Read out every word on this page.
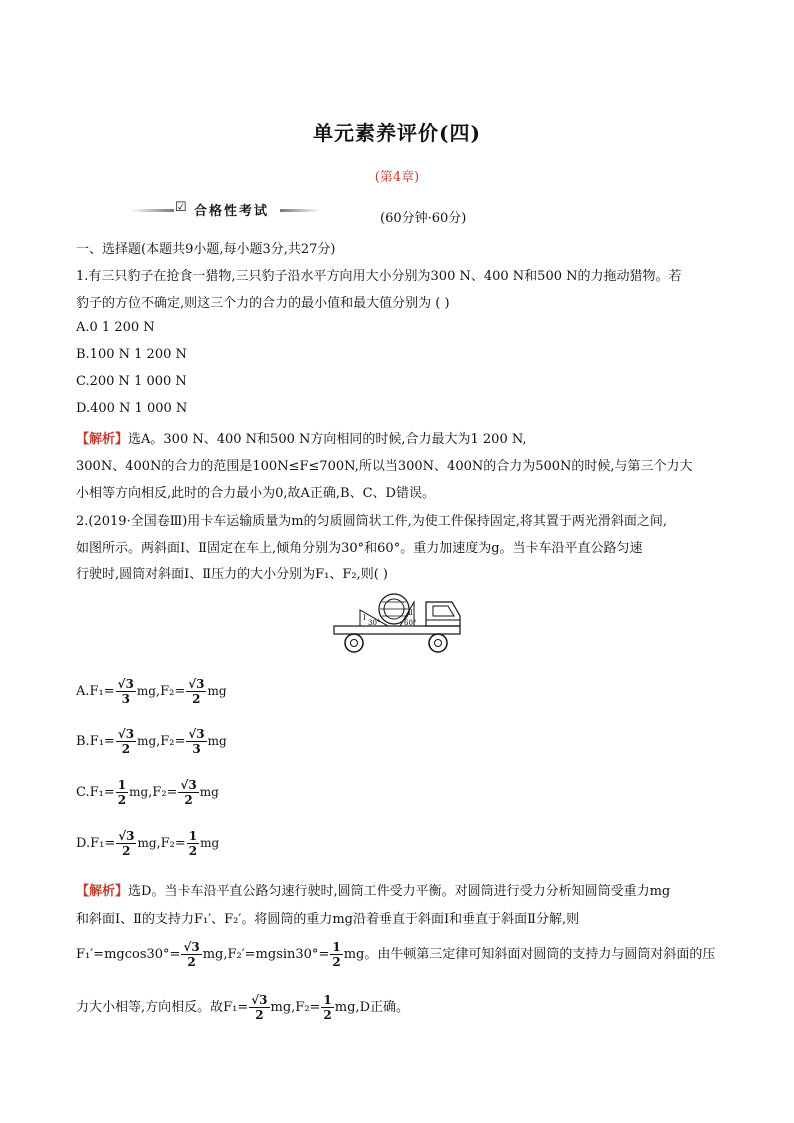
单元素养评价(四)
(第4章)
☑ 合格性考试	(60分钟·60分)
一、选择题(本题共9小题,每小题3分,共27分)
1.有三只豹子在抢食一猎物,三只豹子沿水平方向用大小分别为300 N、400 N和500 N的力拖动猎物。若
豹子的方位不确定,则这三个力的合力的最小值和最大值分别为 ( )
A.0 1 200 N
B.100 N 1 200 N
C.200 N 1 000 N
D.400 N 1 000 N
【解析】选A。300 N、400 N和500 N方向相同的时候,合力最大为1 200 N,
300N、400N的合力的范围是100N≤F≤700N,所以当300N、400N的合力为500N的时候,与第三个力大
小相等方向相反,此时的合力最小为0,故A正确,B、C、D错误。
2.(2019·全国卷Ⅲ)用卡车运输质量为m的匀质圆筒状工件,为使工件保持固定,将其置于两光滑斜面之间,
如图所示。两斜面Ⅰ、Ⅱ固定在车上,倾角分别为30°和60°。重力加速度为g。当卡车沿平直公路匀速
行驶时,圆筒对斜面Ⅰ、Ⅱ压力的大小分别为F₁、F₂,则( )
Ⅰ
30°
Ⅱ
60°
$A.F_1= \frac{√3}{3} mg,F_2= \frac{√3}{2}$ mg
$B.F_1= \frac{√3}{2} mg,F_2= \frac{√3}{3}$ mg
$C.F_1= \frac{1}{2} mg,F_2= \frac{√3}{2}$ mg
$D.F_1= \frac{√3}{2} mg,F_2= \frac{1}{2}$ mg
【解析】选D。当卡车沿平直公路匀速行驶时,圆筒工件受力平衡。对圆筒进行受力分析知圆筒受重力mg
和斜面Ⅰ、Ⅱ的支持力F₁′、F₂′。将圆筒的重力mg沿着垂直于斜面Ⅰ和垂直于斜面Ⅱ分解,则
$F_1'=mgcos30^\circ= \frac{√3}{2} mg,F_2'=mgsin30^\circ= \frac{1}{2}$ mg。由牛顿第三定律可知斜面对圆筒的支持力与圆筒对斜面的压
力大小相等,方向相反。故$F_1= \frac{√3}{2} mg,F_2= \frac{1}{2} mg,D$正确。
